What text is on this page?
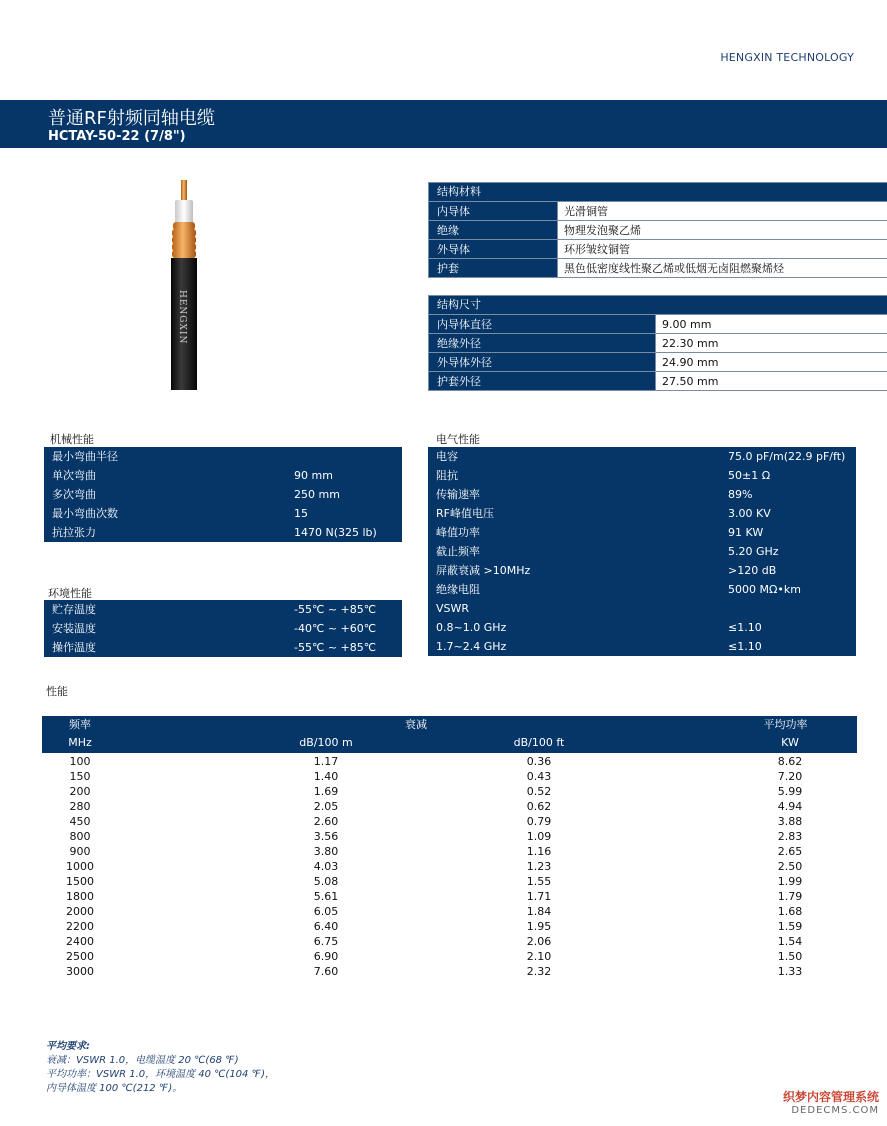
HENGXIN TECHNOLOGY
普通RF射频同轴电缆
HCTAY-50-22 (7/8")
HENGXIN
结构材料
内导体	光滑铜管
绝缘	物理发泡聚乙烯
外导体	环形皱纹铜管
护套	黑色低密度线性聚乙烯或低烟无卤阻燃聚烯烃
结构尺寸
内导体直径	9.00 mm
绝缘外径	22.30 mm
外导体外径	24.90 mm
护套外径	27.50 mm
机械性能
最小弯曲半径
单次弯曲	90 mm
多次弯曲	250 mm
最小弯曲次数	15
抗拉张力	1470 N(325 lb)
环境性能
贮存温度	-55℃ ~ +85℃
安装温度	-40℃ ~ +60℃
操作温度	-55℃ ~ +85℃
电气性能
电容	75.0 pF/m(22.9 pF/ft)
阻抗	50±1 Ω
传输速率	89%
RF峰值电压	3.00 KV
峰值功率	91 KW
截止频率	5.20 GHz
屏蔽衰减 >10MHz	>120 dB
绝缘电阻	5000 MΩ•km
VSWR
0.8~1.0 GHz	≤1.10
1.7~2.4 GHz	≤1.10
性能
频率	衰减	平均功率
MHz	dB/100 m	dB/100 ft	KW
100	1.17	0.36	8.62
150	1.40	0.43	7.20
200	1.69	0.52	5.99
280	2.05	0.62	4.94
450	2.60	0.79	3.88
800	3.56	1.09	2.83
900	3.80	1.16	2.65
1000	4.03	1.23	2.50
1500	5.08	1.55	1.99
1800	5.61	1.71	1.79
2000	6.05	1.84	1.68
2200	6.40	1.95	1.59
2400	6.75	2.06	1.54
2500	6.90	2.10	1.50
3000	7.60	2.32	1.33
平均要求:
衰减：VSWR 1.0，电缆温度 20 ℃(68 ℉)
平均功率：VSWR 1.0，环境温度 40 ℃(104 ℉)，
内导体温度 100 ℃(212 ℉)。
织梦内容管理系统
DEDECMS.COM
